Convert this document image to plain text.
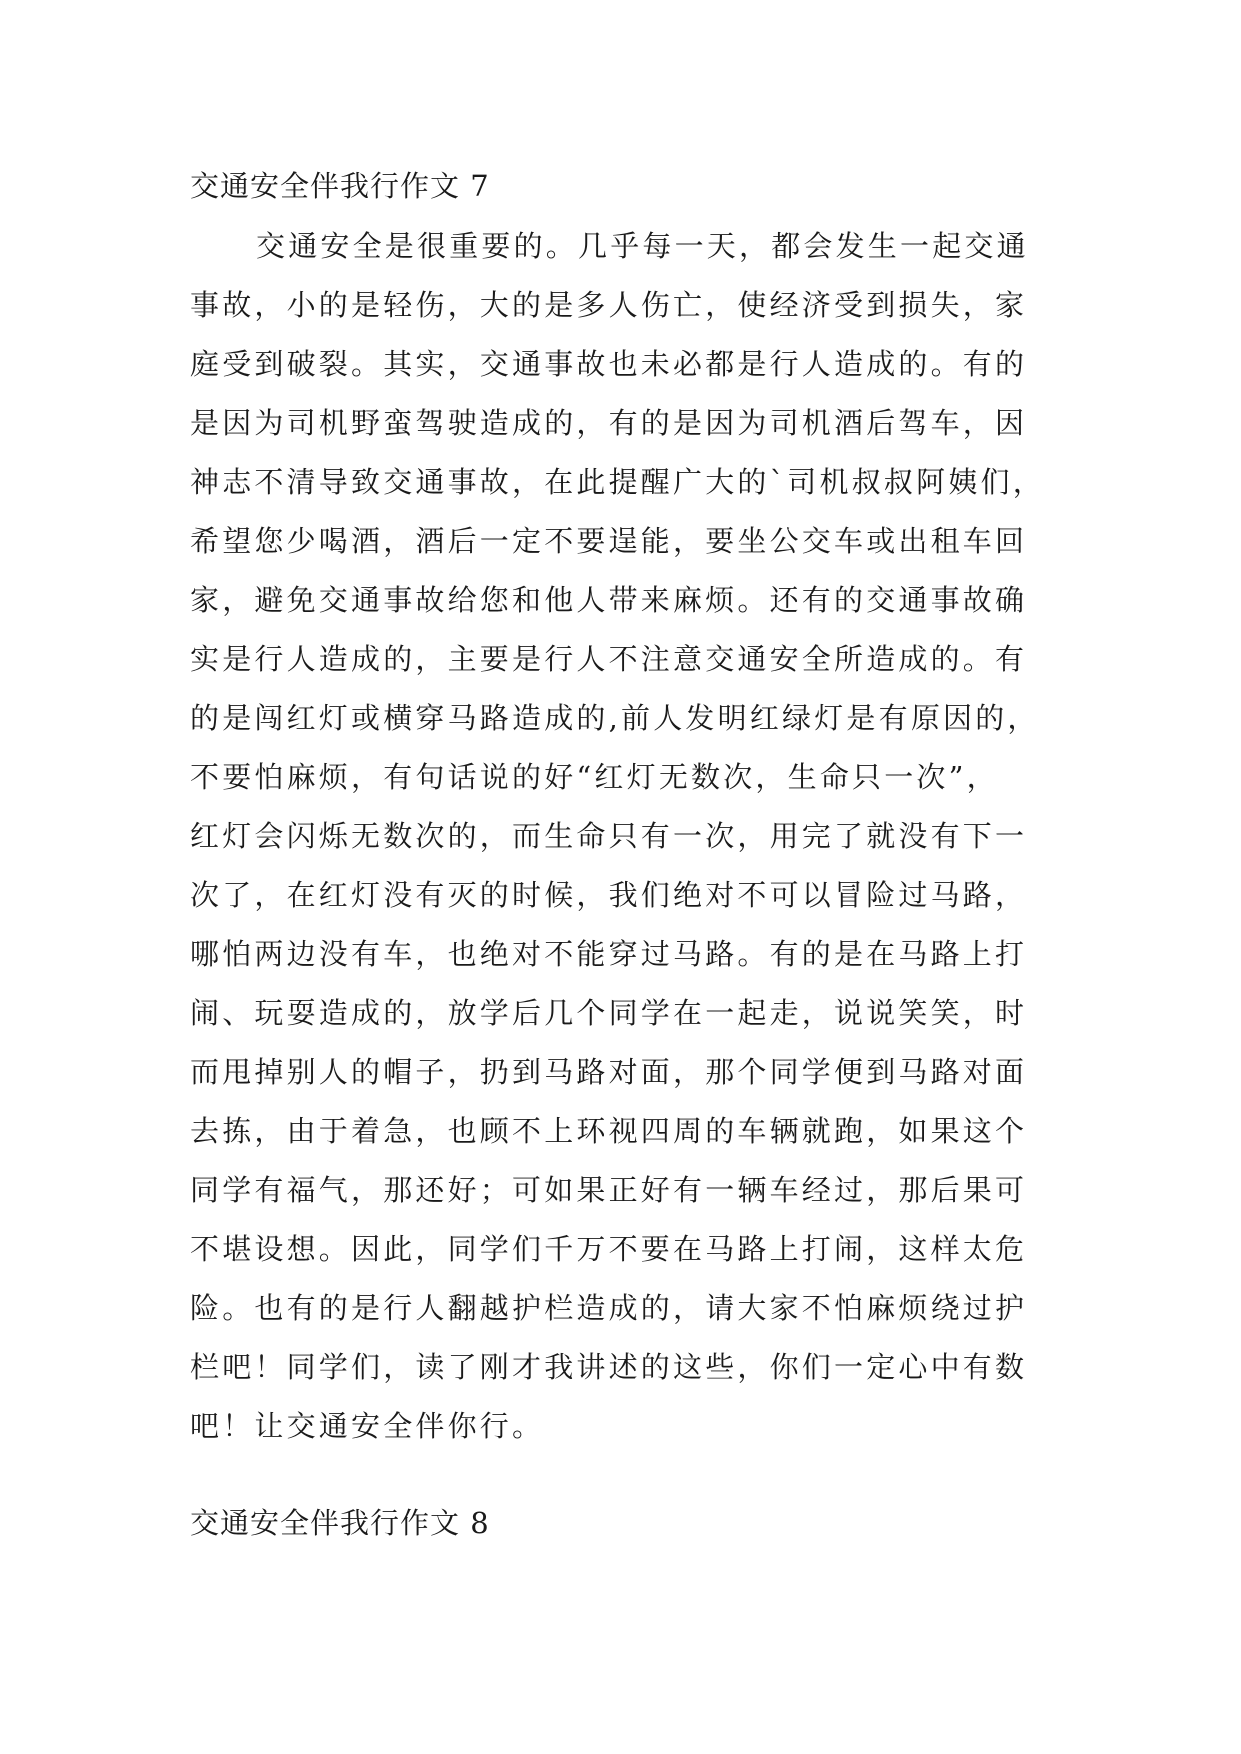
交通安全伴我行作文 7
交通安全是很重要的。几乎每一天，都会发生一起交通
事故，小的是轻伤，大的是多人伤亡，使经济受到损失，家
庭受到破裂。其实，交通事故也未必都是行人造成的。有的
是因为司机野蛮驾驶造成的，有的是因为司机酒后驾车，因
神志不清导致交通事故，在此提醒广大的`司机叔叔阿姨们，
希望您少喝酒，酒后一定不要逞能，要坐公交车或出租车回
家，避免交通事故给您和他人带来麻烦。还有的交通事故确
实是行人造成的，主要是行人不注意交通安全所造成的。有
的是闯红灯或横穿马路造成的,前人发明红绿灯是有原因的，
不要怕麻烦，有句话说的好“红灯无数次，生命只一次”，
红灯会闪烁无数次的，而生命只有一次，用完了就没有下一
次了，在红灯没有灭的时候，我们绝对不可以冒险过马路，
哪怕两边没有车，也绝对不能穿过马路。有的是在马路上打
闹、玩耍造成的，放学后几个同学在一起走，说说笑笑，时
而甩掉别人的帽子，扔到马路对面，那个同学便到马路对面
去拣，由于着急，也顾不上环视四周的车辆就跑，如果这个
同学有福气，那还好；可如果正好有一辆车经过，那后果可
不堪设想。因此，同学们千万不要在马路上打闹，这样太危
险。也有的是行人翻越护栏造成的，请大家不怕麻烦绕过护
栏吧！同学们，读了刚才我讲述的这些，你们一定心中有数
吧！让交通安全伴你行。
交通安全伴我行作文 8
